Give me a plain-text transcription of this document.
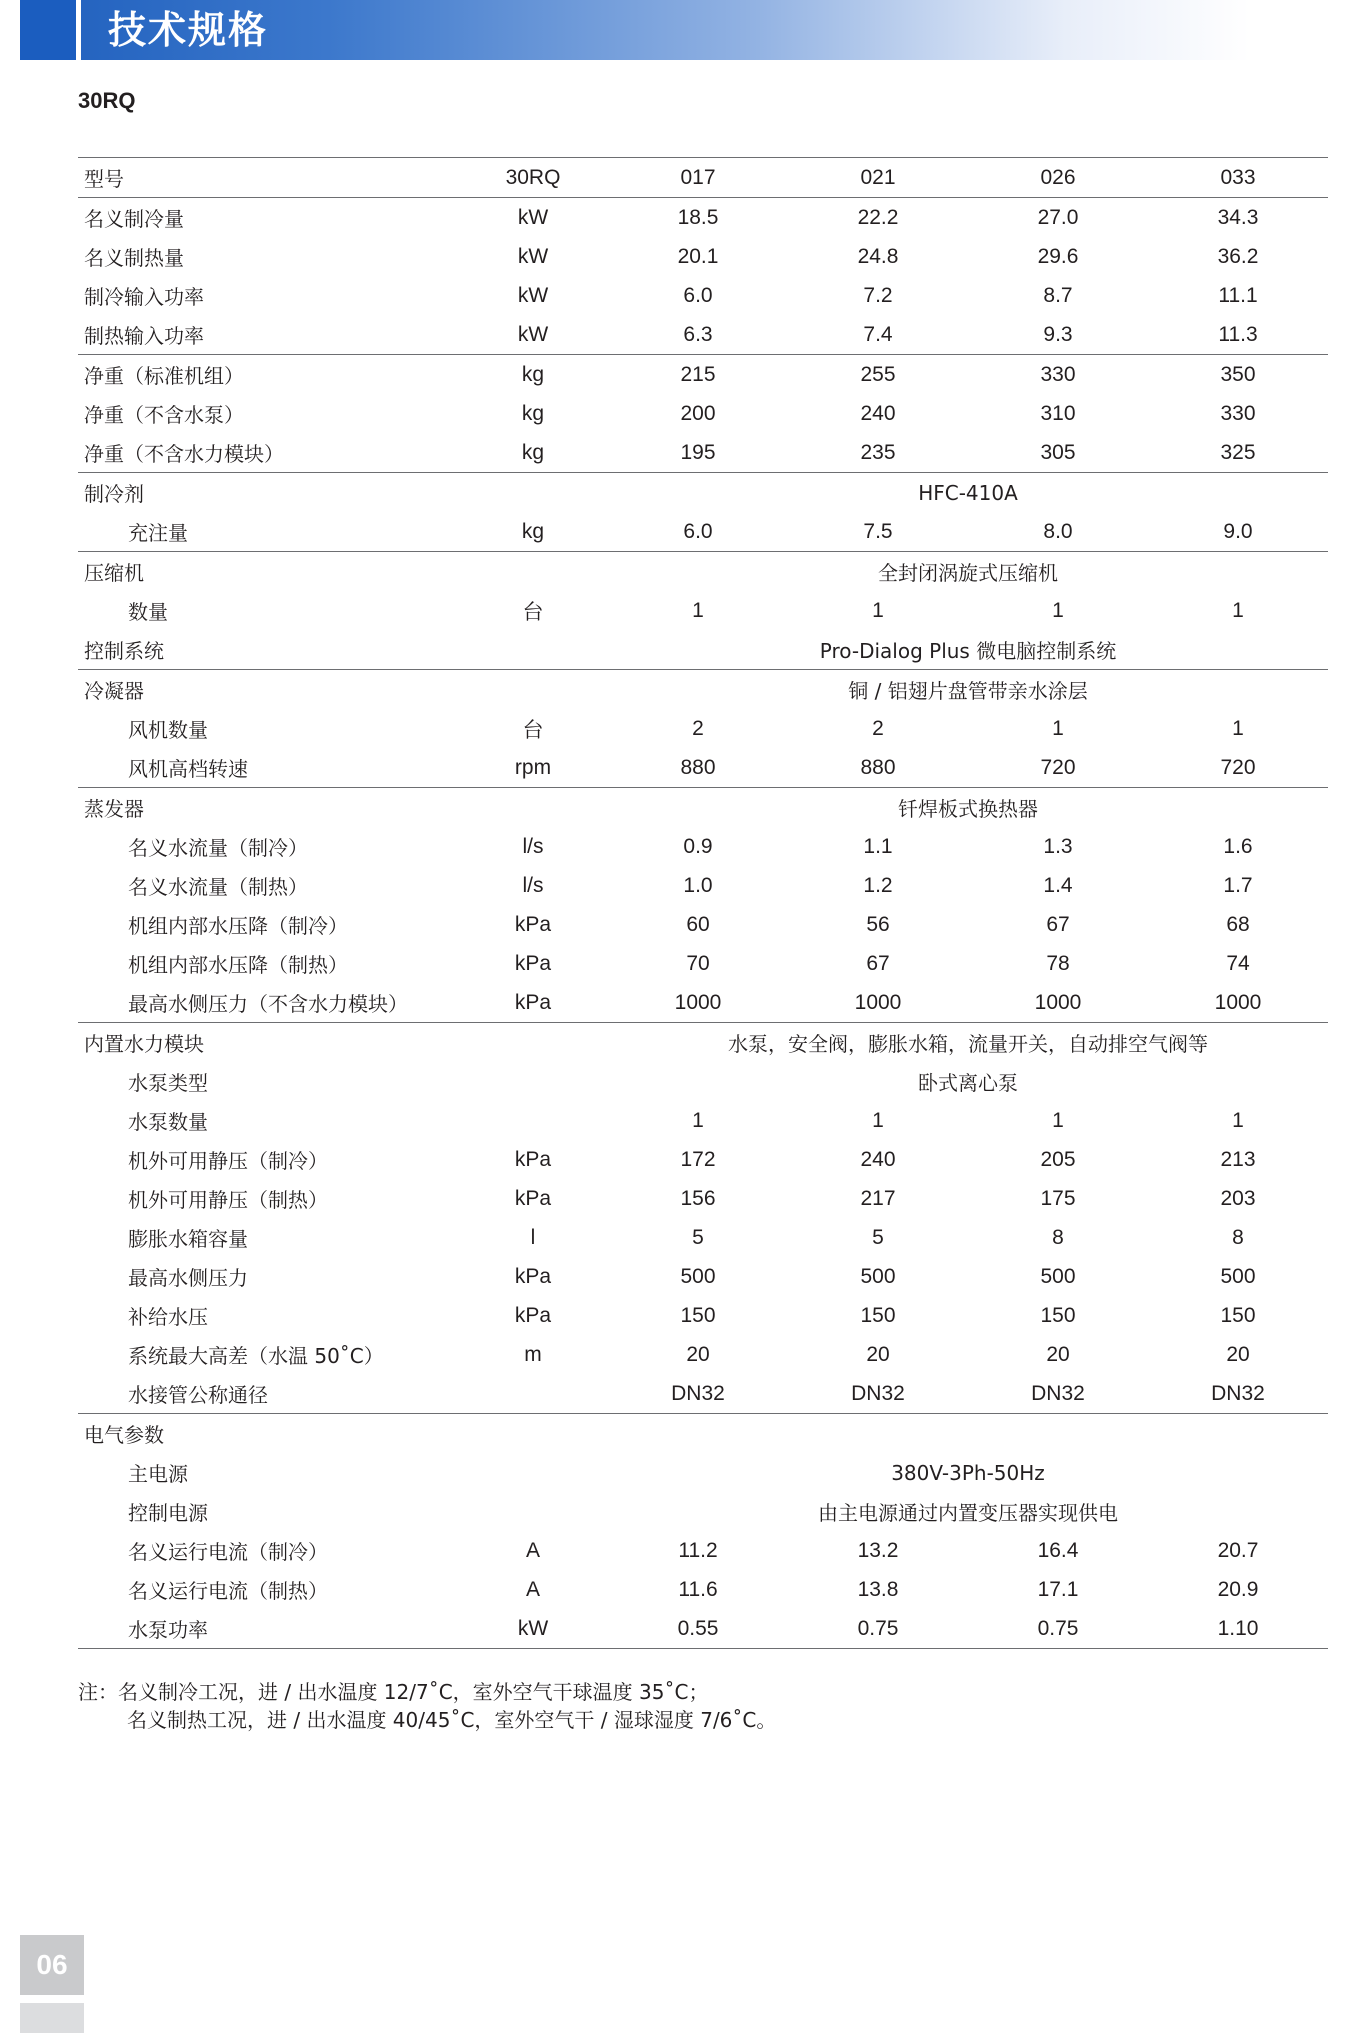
技术规格
30RQ
型号	30RQ	017	021	026	033
名义制冷量	kW	18.5	22.2	27.0	34.3
名义制热量	kW	20.1	24.8	29.6	36.2
制冷输入功率	kW	6.0	7.2	8.7	11.1
制热输入功率	kW	6.3	7.4	9.3	11.3
净重（标准机组）	kg	215	255	330	350
净重（不含水泵）	kg	200	240	310	330
净重（不含水力模块）	kg	195	235	305	325
制冷剂		HFC-410A			
充注量	kg	6.0	7.5	8.0	9.0
压缩机		全封闭涡旋式压缩机			
数量	台	1	1	1	1
控制系统		Pro-Dialog Plus 微电脑控制系统			
冷凝器		铜 / 铝翅片盘管带亲水涂层			
风机数量	台	2	2	1	1
风机高档转速	rpm	880	880	720	720
蒸发器		钎焊板式换热器			
名义水流量（制冷）	l/s	0.9	1.1	1.3	1.6
名义水流量（制热）	l/s	1.0	1.2	1.4	1.7
机组内部水压降（制冷）	kPa	60	56	67	68
机组内部水压降（制热）	kPa	70	67	78	74
最高水侧压力（不含水力模块）	kPa	1000	1000	1000	1000
内置水力模块		水泵，安全阀，膨胀水箱，流量开关，自动排空气阀等			
水泵类型		卧式离心泵			
水泵数量		1	1	1	1
机外可用静压（制冷）	kPa	172	240	205	213
机外可用静压（制热）	kPa	156	217	175	203
膨胀水箱容量	l	5	5	8	8
最高水侧压力	kPa	500	500	500	500
补给水压	kPa	150	150	150	150
系统最大高差（水温 50˚C）	m	20	20	20	20
水接管公称通径		DN32	DN32	DN32	DN32
电气参数					
主电源		380V-3Ph-50Hz			
控制电源		由主电源通过内置变压器实现供电			
名义运行电流（制冷）	A	11.2	13.2	16.4	20.7
名义运行电流（制热）	A	11.6	13.8	17.1	20.9
水泵功率	kW	0.55	0.75	0.75	1.10
注：名义制冷工况，进 / 出水温度 12/7˚C，室外空气干球温度 35˚C；
名义制热工况，进 / 出水温度 40/45˚C，室外空气干 / 湿球湿度 7/6˚C。
06
